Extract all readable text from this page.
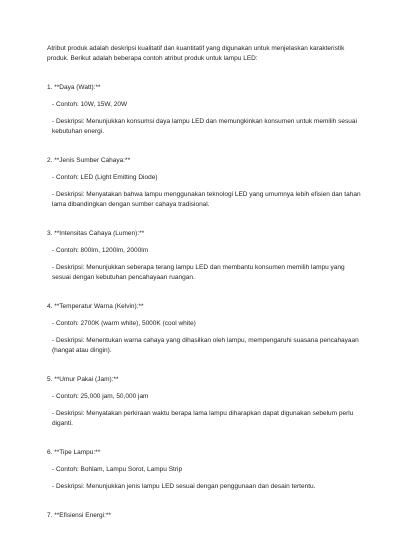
Atribut produk adalah deskripsi kualitatif dan kuantitatif yang digunakan untuk menjelaskan karakteristik produk. Berikut adalah beberapa contoh atribut produk untuk lampu LED:

1. **Daya (Watt):**

- Contoh: 10W, 15W, 20W

- Deskripsi: Menunjukkan konsumsi daya lampu LED dan memungkinkan konsumen untuk memilih sesuai kebutuhan energi.

2. **Jenis Sumber Cahaya:**

- Contoh: LED (Light Emitting Diode)

- Deskripsi: Menyatakan bahwa lampu menggunakan teknologi LED yang umumnya lebih efisien dan tahan lama dibandingkan dengan sumber cahaya tradisional.

3. **Intensitas Cahaya (Lumen):**

- Contoh: 800lm, 1200lm, 2000lm

- Deskripsi: Menunjukkan seberapa terang lampu LED dan membantu konsumen memilih lampu yang sesuai dengan kebutuhan pencahayaan ruangan.

4. **Temperatur Warna (Kelvin):**

- Contoh: 2700K (warm white), 5000K (cool white)

- Deskripsi: Menentukan warna cahaya yang dihasilkan oleh lampu, mempengaruhi suasana pencahayaan (hangat atau dingin).

5. **Umur Pakai (Jam):**

- Contoh: 25,000 jam, 50,000 jam

- Deskripsi: Menyatakan perkiraan waktu berapa lama lampu diharapkan dapat digunakan sebelum perlu diganti.

6. **Tipe Lampu:**

- Contoh: Bohlam, Lampu Sorot, Lampu Strip

- Deskripsi: Menunjukkan jenis lampu LED sesuai dengan penggunaan dan desain tertentu.

7. **Efisiensi Energi:**
